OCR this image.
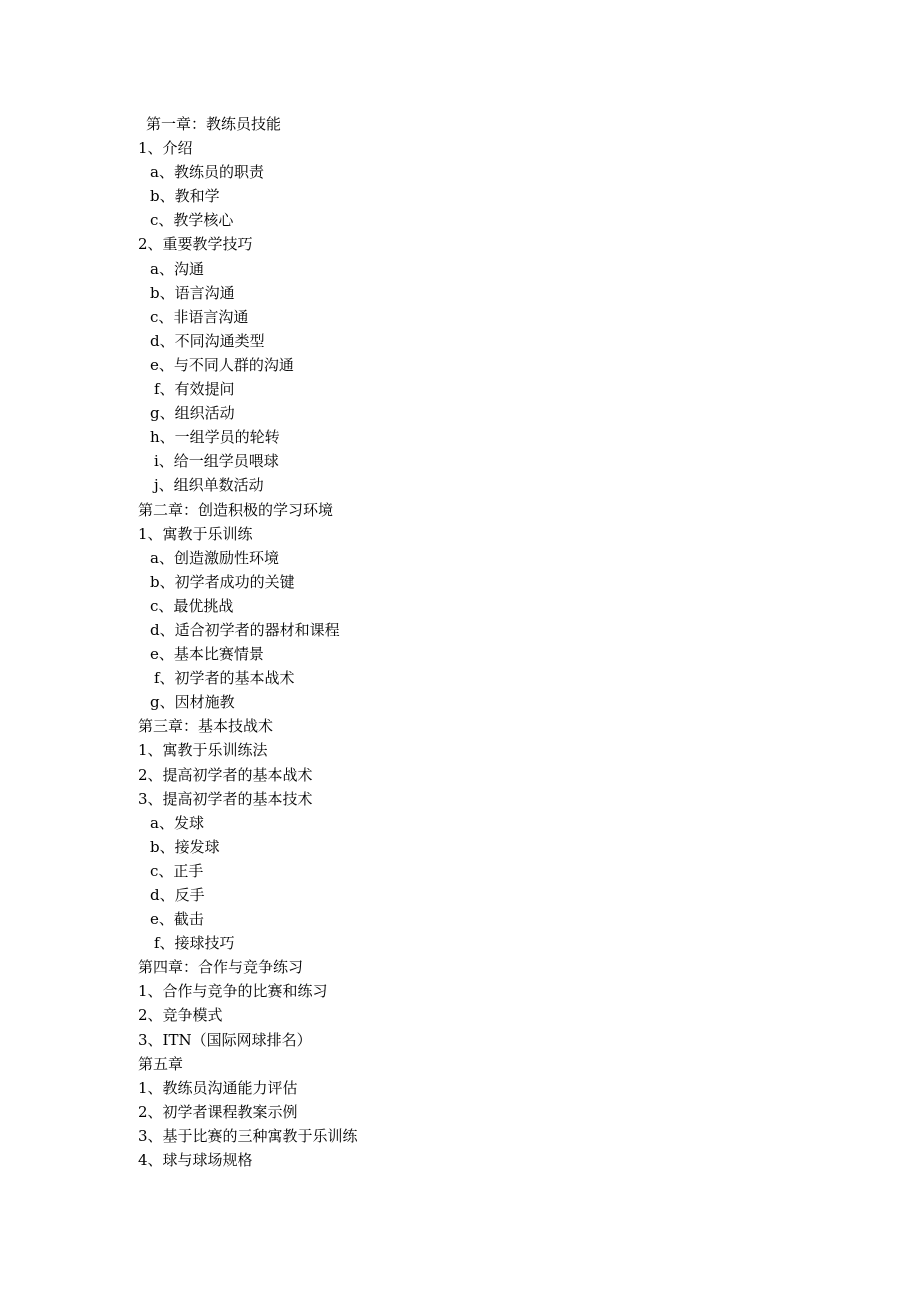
第一章：教练员技能
1、介绍
a、教练员的职责
b、教和学
c、教学核心
2、重要教学技巧
a、沟通
b、语言沟通
c、非语言沟通
d、不同沟通类型
e、与不同人群的沟通
f、有效提问
g、组织活动
h、一组学员的轮转
i、给一组学员喂球
j、组织单数活动
第二章：创造积极的学习环境
1、寓教于乐训练
a、创造激励性环境
b、初学者成功的关键
c、最优挑战
d、适合初学者的器材和课程
e、基本比赛情景
f、初学者的基本战术
g、因材施教
第三章：基本技战术
1、寓教于乐训练法
2、提高初学者的基本战术
3、提高初学者的基本技术
a、发球
b、接发球
c、正手
d、反手
e、截击
f、接球技巧
第四章：合作与竞争练习
1、合作与竞争的比赛和练习
2、竞争模式
3、ITN（国际网球排名）
第五章
1、教练员沟通能力评估
2、初学者课程教案示例
3、基于比赛的三种寓教于乐训练
4、球与球场规格
